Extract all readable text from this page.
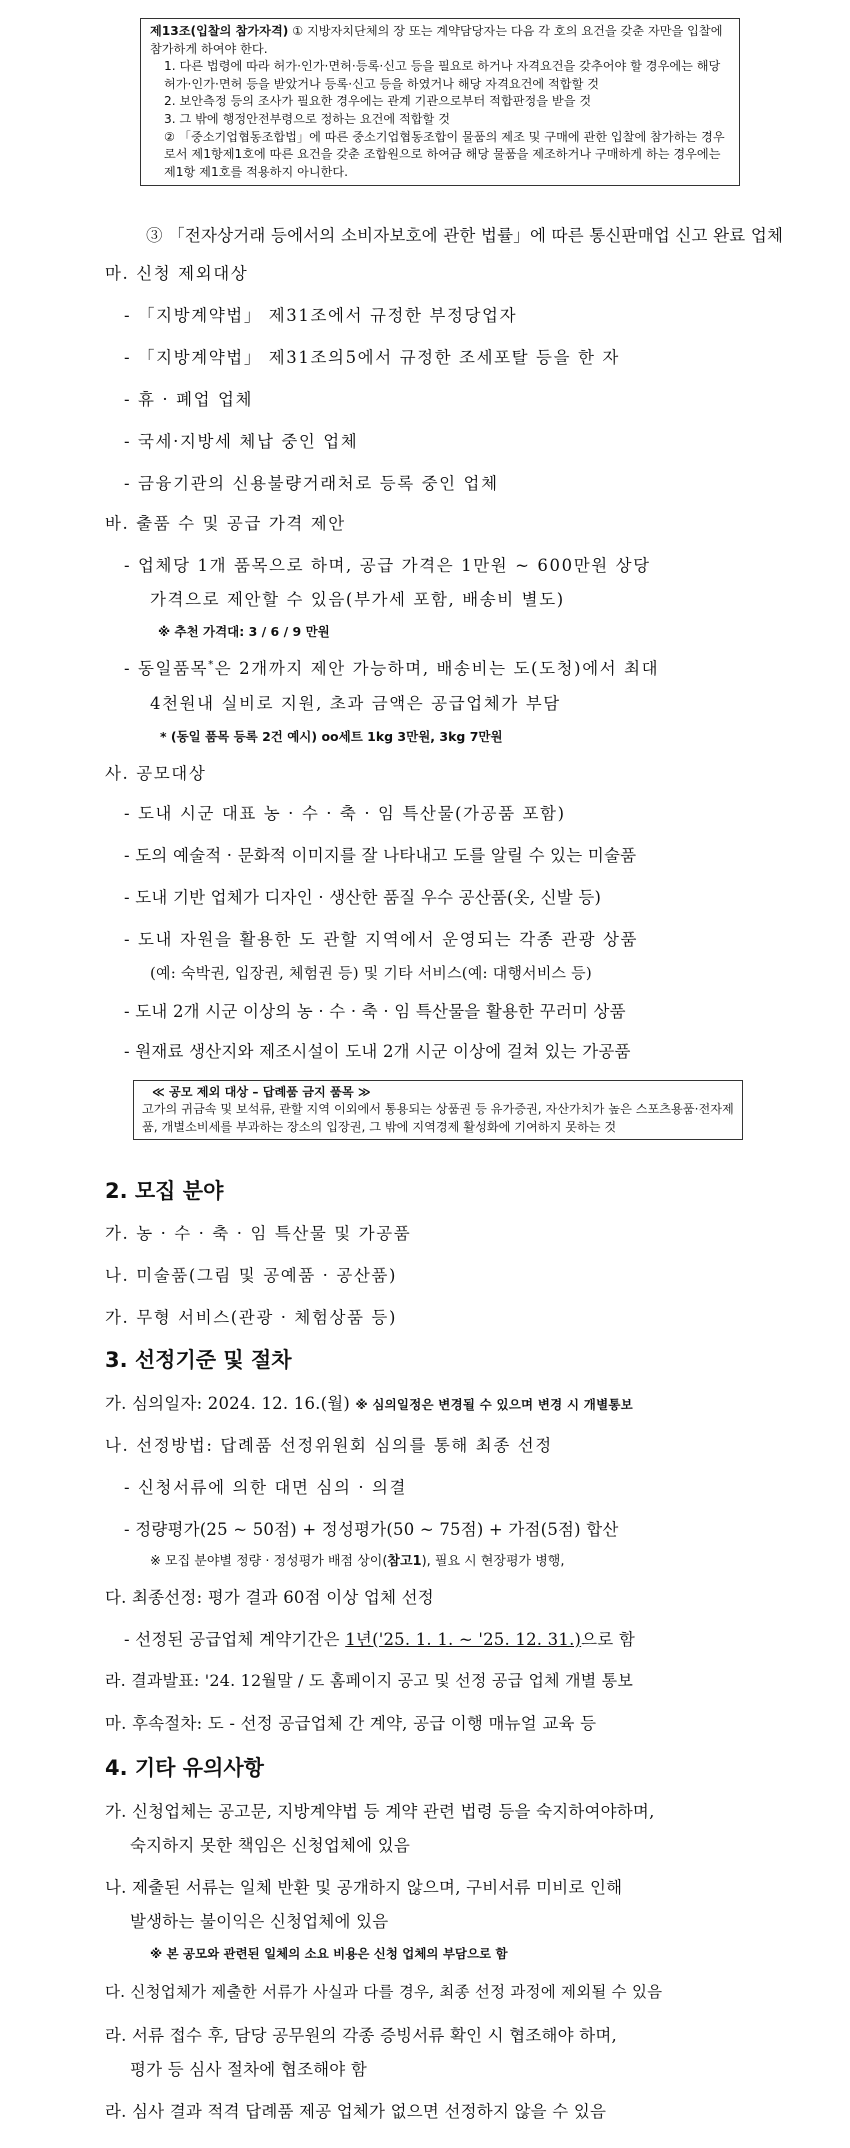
제13조(입찰의 참가자격) ① 지방자치단체의 장 또는 계약담당자는 다음 각 호의 요건을 갖춘 자만을 입찰에 참가하게 하여야 한다.

1. 다른 법령에 따라 허가·인가·면허·등록·신고 등을 필요로 하거나 자격요건을 갖추어야 할 경우에는 해당 허가·인가·면허 등을 받았거나 등록·신고 등을 하였거나 해당 자격요건에 적합할 것

2. 보안측정 등의 조사가 필요한 경우에는 관계 기관으로부터 적합판정을 받을 것

3. 그 밖에 행정안전부령으로 정하는 요건에 적합할 것

② 「중소기업협동조합법」에 따른 중소기업협동조합이 물품의 제조 및 구매에 관한 입찰에 참가하는 경우로서 제1항제1호에 따른 요건을 갖춘 조합원으로 하여금 해당 물품을 제조하거나 구매하게 하는 경우에는 제1항 제1호를 적용하지 아니한다.

③ 「전자상거래 등에서의 소비자보호에 관한 법률」에 따른 통신판매업 신고 완료 업체
마. 신청 제외대상
- 「지방계약법」 제31조에서 규정한 부정당업자
- 「지방계약법」 제31조의5에서 규정한 조세포탈 등을 한 자
- 휴 · 폐업 업체
- 국세·지방세 체납 중인 업체
- 금융기관의 신용불량거래처로 등록 중인 업체
바. 출품 수 및 공급 가격 제안
- 업체당 1개 품목으로 하며, 공급 가격은 1만원 ~ 600만원 상당
가격으로 제안할 수 있음(부가세 포함, 배송비 별도)
※ 추천 가격대: 3 / 6 / 9 만원
- 동일품목*은 2개까지 제안 가능하며, 배송비는 도(도청)에서 최대
4천원내 실비로 지원, 초과 금액은 공급업체가 부담
* (동일 품목 등록 2건 예시) oo세트 1kg 3만원, 3kg 7만원
사. 공모대상
- 도내 시군 대표 농 · 수 · 축 · 임 특산물(가공품 포함)
- 도의 예술적 · 문화적 이미지를 잘 나타내고 도를 알릴 수 있는 미술품
- 도내 기반 업체가 디자인 · 생산한 품질 우수 공산품(옷, 신발 등)
- 도내 자원을 활용한 도 관할 지역에서 운영되는 각종 관광 상품
(예: 숙박권, 입장권, 체험권 등) 및 기타 서비스(예: 대행서비스 등)
- 도내 2개 시군 이상의 농 · 수 · 축 · 임 특산물을 활용한 꾸러미 상품
- 원재료 생산지와 제조시설이 도내 2개 시군 이상에 걸쳐 있는 가공품

≪ 공모 제외 대상 – 답례품 금지 품목 ≫

고가의 귀금속 및 보석류, 관할 지역 이외에서 통용되는 상품권 등 유가증권, 자산가치가 높은 스포츠용품·전자제품, 개별소비세를 부과하는 장소의 입장권, 그 밖에 지역경제 활성화에 기여하지 못하는 것

2. 모집 분야
가. 농 · 수 · 축 · 임 특산물 및 가공품
나. 미술품(그림 및 공예품 · 공산품)
가. 무형 서비스(관광 · 체험상품 등)
3. 선정기준 및 절차
가. 심의일자: 2024. 12. 16.(월) ※ 심의일정은 변경될 수 있으며 변경 시 개별통보
나. 선정방법: 답례품 선정위원회 심의를 통해 최종 선정
- 신청서류에 의한 대면 심의 · 의결
- 정량평가(25 ~ 50점) + 정성평가(50 ~ 75점) + 가점(5점) 합산
※ 모집 분야별 정량 · 정성평가 배점 상이(참고1), 필요 시 현장평가 병행,
다. 최종선정: 평가 결과 60점 이상 업체 선정
- 선정된 공급업체 계약기간은 1년('25. 1. 1. ~ '25. 12. 31.)으로 함
라. 결과발표: '24. 12월말 / 도 홈페이지 공고 및 선정 공급 업체 개별 통보
마. 후속절차: 도 - 선정 공급업체 간 계약, 공급 이행 매뉴얼 교육 등
4. 기타 유의사항
가. 신청업체는 공고문, 지방계약법 등 계약 관련 법령 등을 숙지하여야하며,
숙지하지 못한 책임은 신청업체에 있음
나. 제출된 서류는 일체 반환 및 공개하지 않으며, 구비서류 미비로 인해
발생하는 불이익은 신청업체에 있음
※ 본 공모와 관련된 일체의 소요 비용은 신청 업체의 부담으로 함
다. 신청업체가 제출한 서류가 사실과 다를 경우, 최종 선정 과정에 제외될 수 있음
라. 서류 접수 후, 담당 공무원의 각종 증빙서류 확인 시 협조해야 하며,
평가 등 심사 절차에 협조해야 함
라. 심사 결과 적격 답례품 제공 업체가 없으면 선정하지 않을 수 있음
